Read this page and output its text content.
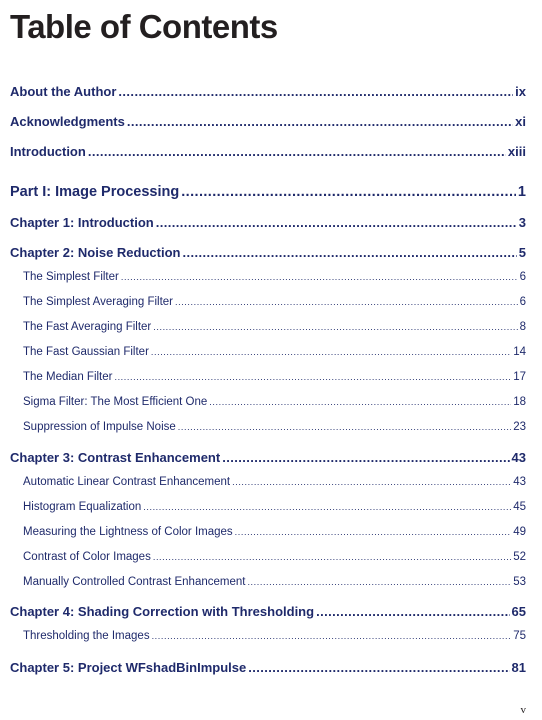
Table of Contents
About the Author .....	ix
Acknowledgments .....	xi
Introduction .....	xiii
Part I: Image Processing .....	1
Chapter 1: Introduction .....	3
Chapter 2: Noise Reduction .....	5
The Simplest Filter .....	6
The Simplest Averaging Filter .....	6
The Fast Averaging Filter .....	8
The Fast Gaussian Filter .....	14
The Median Filter .....	17
Sigma Filter: The Most Efficient One .....	18
Suppression of Impulse Noise .....	23
Chapter 3: Contrast Enhancement .....	43
Automatic Linear Contrast Enhancement .....	43
Histogram Equalization .....	45
Measuring the Lightness of Color Images .....	49
Contrast of Color Images .....	52
Manually Controlled Contrast Enhancement .....	53
Chapter 4: Shading Correction with Thresholding .....	65
Thresholding the Images .....	75
Chapter 5: Project WFshadBinImpulse .....	81
v
